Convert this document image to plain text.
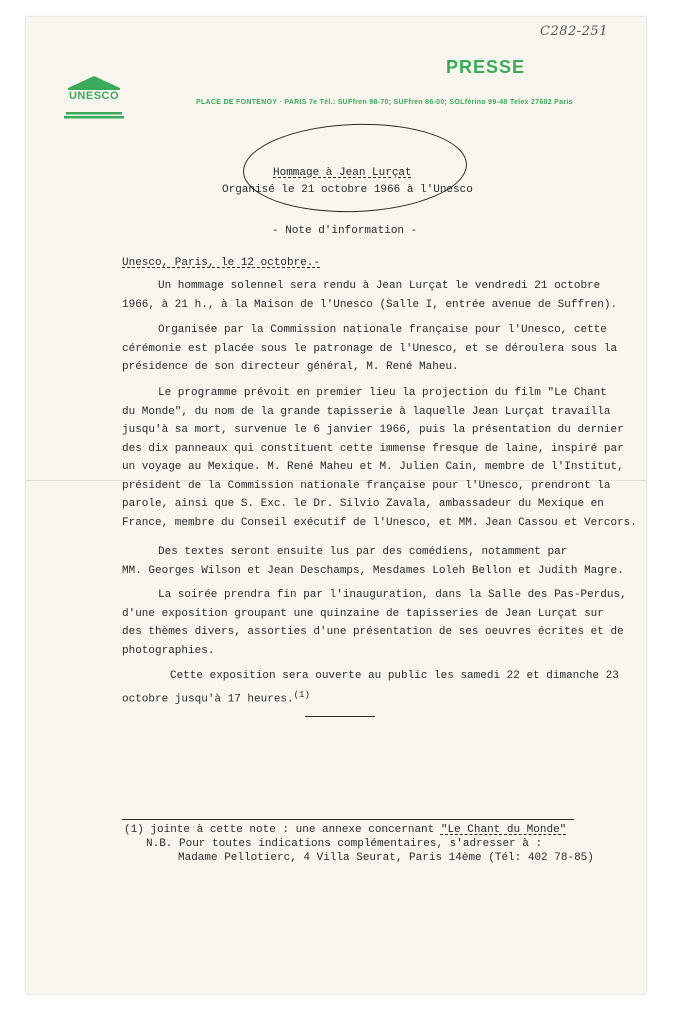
C282-251
UNESCO
PRESSE
PLACE DE FONTENOY · PARIS 7e Tél.: SUFfren 98-70; SUFfren 86-00; SOLférino 99-48 Telex 27602 Paris
Hommage à Jean Lurçat
Organisé le 21 octobre 1966 à l'Unesco
- Note d'information -
Unesco, Paris, le 12 octobre.-
Un hommage solennel sera rendu à Jean Lurçat le vendredi 21 octobre
1966, à 21 h., à la Maison de l'Unesco (Salle I, entrée avenue de Suffren).
Organisée par la Commission nationale française pour l'Unesco, cette
cérémonie est placée sous le patronage de l'Unesco, et se déroulera sous la
présidence de son directeur général, M. René Maheu.
Le programme prévoit en premier lieu la projection du film "Le Chant
du Monde", du nom de la grande tapisserie à laquelle Jean Lurçat travailla
jusqu'à sa mort, survenue le 6 janvier 1966, puis la présentation du dernier
des dix panneaux qui constituent cette immense fresque de laine, inspiré par
un voyage au Mexique. M. René Maheu et M. Julien Cain, membre de l'Institut,
président de la Commission nationale française pour l'Unesco, prendront la
parole, ainsi que S. Exc. le Dr. Silvio Zavala, ambassadeur du Mexique en
France, membre du Conseil exécutif de l'Unesco, et MM. Jean Cassou et Vercors.
Des textes seront ensuite lus par des comédiens, notamment par
MM. Georges Wilson et Jean Deschamps, Mesdames Loleh Bellon et Judith Magre.
La soirée prendra fin par l'inauguration, dans la Salle des Pas-Perdus,
d'une exposition groupant une quinzaine de tapisseries de Jean Lurçat sur
des thèmes divers, assorties d'une présentation de ses oeuvres écrites et de
photographies.
Cette exposition sera ouverte au public les samedi 22 et dimanche 23
octobre jusqu'à 17 heures.$^{(1)}$
(1) jointe à cette note : une annexe concernant "Le Chant du Monde"
N.B. Pour toutes indications complémentaires, s'adresser à :
Madame Pellotierc, 4 Villa Seurat, Paris 14ème (Tél: 402 78-85)
